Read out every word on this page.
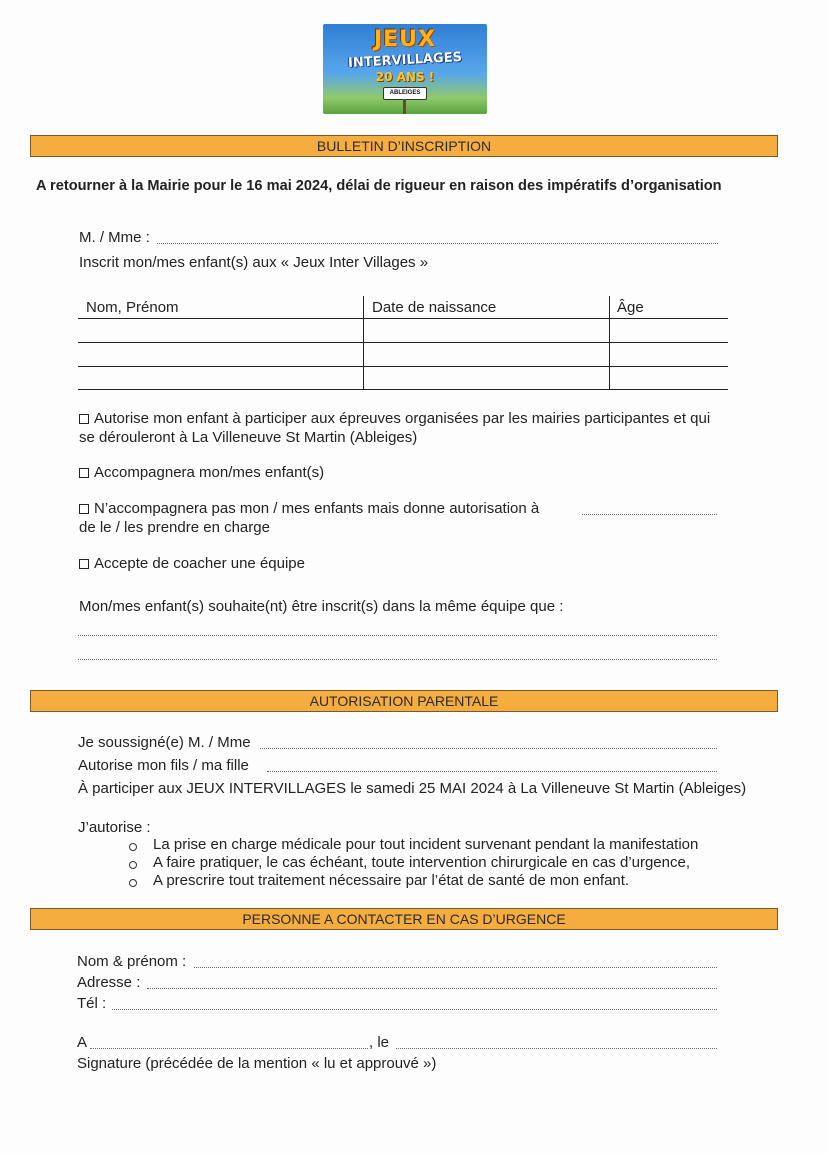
JEUX
INTERVILLAGES
20 ANS !
ABLEIGES
BULLETIN D’INSCRIPTION
A retourner à la Mairie pour le 16 mai 2024, délai de rigueur en raison des impératifs d’organisation
M. / Mme :
Inscrit mon/mes enfant(s) aux « Jeux Inter Villages »
Nom, Prénom	Date de naissance	Âge
Autorise mon enfant à participer aux épreuves organisées par les mairies participantes et qui
se dérouleront à La Villeneuve St Martin (Ableiges)
Accompagnera mon/mes enfant(s)
N’accompagnera pas mon / mes enfants mais donne autorisation à
de le / les prendre en charge
Accepte de coacher une équipe
Mon/mes enfant(s) souhaite(nt) être inscrit(s) dans la même équipe que :
AUTORISATION PARENTALE
Je soussigné(e) M. / Mme
Autorise mon fils / ma fille
À participer aux JEUX INTERVILLAGES le samedi 25 MAI 2024 à La Villeneuve St Martin (Ableiges)
J’autorise :
La prise en charge médicale pour tout incident survenant pendant la manifestation
A faire pratiquer, le cas échéant, toute intervention chirurgicale en cas d’urgence,
A prescrire tout traitement nécessaire par l’état de santé de mon enfant.
PERSONNE A CONTACTER EN CAS D’URGENCE
Nom & prénom :
Adresse :
Tél :
A	, le
Signature (précédée de la mention « lu et approuvé »)
